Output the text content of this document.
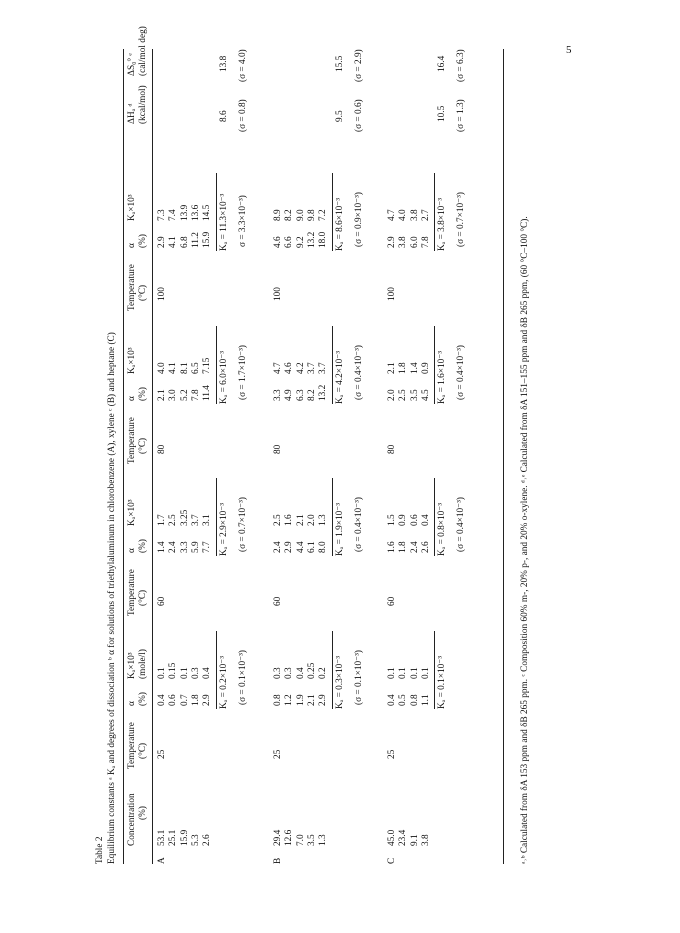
5
Table 2 Equilibrium constants ᵃ Kₐ and degrees of dissociation ᵇ α for solutions of triethylaluminum in chlorobenzene (A), xylene ᶜ (B) and heptane (C) Concentration (%)
Temperature (°C)
α (%)
Kₐ×10³ (mole/l)
Temperature (°C)
α (%)
Kₐ×10³
Temperature (°C)
α (%)
Kₐ×10³
Temperature (°C)
α (%)
Kₐ×10³
ΔHₐ ᵈ (kcal/mol)
ΔS₀° ᵉ (cal/mol deg)
A
53.1 25.1 15.9 5.3 2.6
25
0.4 0.6 0.7 1.8 2.9
0.1 0.15 0.1 0.3 0.4 Kₐ = 0.2×10⁻³ (σ = 0.1×10⁻³)
60
1.4 2.4 3.3 5.9 7.7
1.7 2.5 3.25 3.7 3.1 Kₐ = 2.9×10⁻³ (σ = 0.7×10⁻³)
80
2.1 3.0 5.2 7.8 11.4
4.0 4.1 8.1 6.5 7.15 Kₐ = 6.0×10⁻³ (σ = 1.7×10⁻³)
100
2.9 4.1 6.8 11.2 15.9
7.3 7.4 13.9 13.6 14.5 Kₐ = 11.3×10⁻³ σ = 3.3×10⁻³)
8.6 (σ = 0.8)
13.8 (σ = 4.0)
B
29.4 12.6 7.0 3.5 1.3
25
0.8 1.2 1.9 2.1 2.9
0.3 0.3 0.4 0.25 0.2 Kₐ = 0.3×10⁻³ (σ = 0.1×10⁻³)
60
2.4 2.9 4.4 6.1 8.0
2.5 1.6 2.1 2.0 1.3 Kₐ = 1.9×10⁻³ (σ = 0.4×10⁻³)
80
3.3 4.9 6.3 8.2 13.2
4.7 4.6 4.2 3.7 3.7 Kₐ = 4.2×10⁻³ (σ = 0.4×10⁻³)
100
4.6 6.6 9.2 13.2 18.0
8.9 8.2 9.0 9.8 7.2 Kₐ = 8.6×10⁻³ (σ = 0.9×10⁻³)
9.5 (σ = 0.6)
15.5 (σ = 2.9)
C
45.0 23.4 9.1 3.8
25
0.4 0.5 0.8 1.1
0.1 0.1 0.1 0.1 Kₐ = 0.1×10⁻³
60
1.6 1.8 2.4 2.6
1.5 0.9 0.6 0.4 Kₐ = 0.8×10⁻³ (σ = 0.4×10⁻³)
80
2.0 2.5 3.5 4.5
2.1 1.8 1.4 0.9 Kₐ = 1.6×10⁻³ (σ = 0.4×10⁻³)
100
2.9 3.8 6.0 7.8
4.7 4.0 3.8 2.7 Kₐ = 3.8×10⁻³ (σ = 0.7×10⁻³)
10.5 (σ = 1.3)
16.4 (σ = 6.3)
ᵃ˒ᵇ Calculated from δA 153 ppm and δB 265 ppm. ᶜ Composition 60% m-, 20% p-, and 20% o-xylene. ᵈ˒ᵉ Calculated from δA 151–155 ppm and δB 265 ppm, (60 °C–100 °C).
